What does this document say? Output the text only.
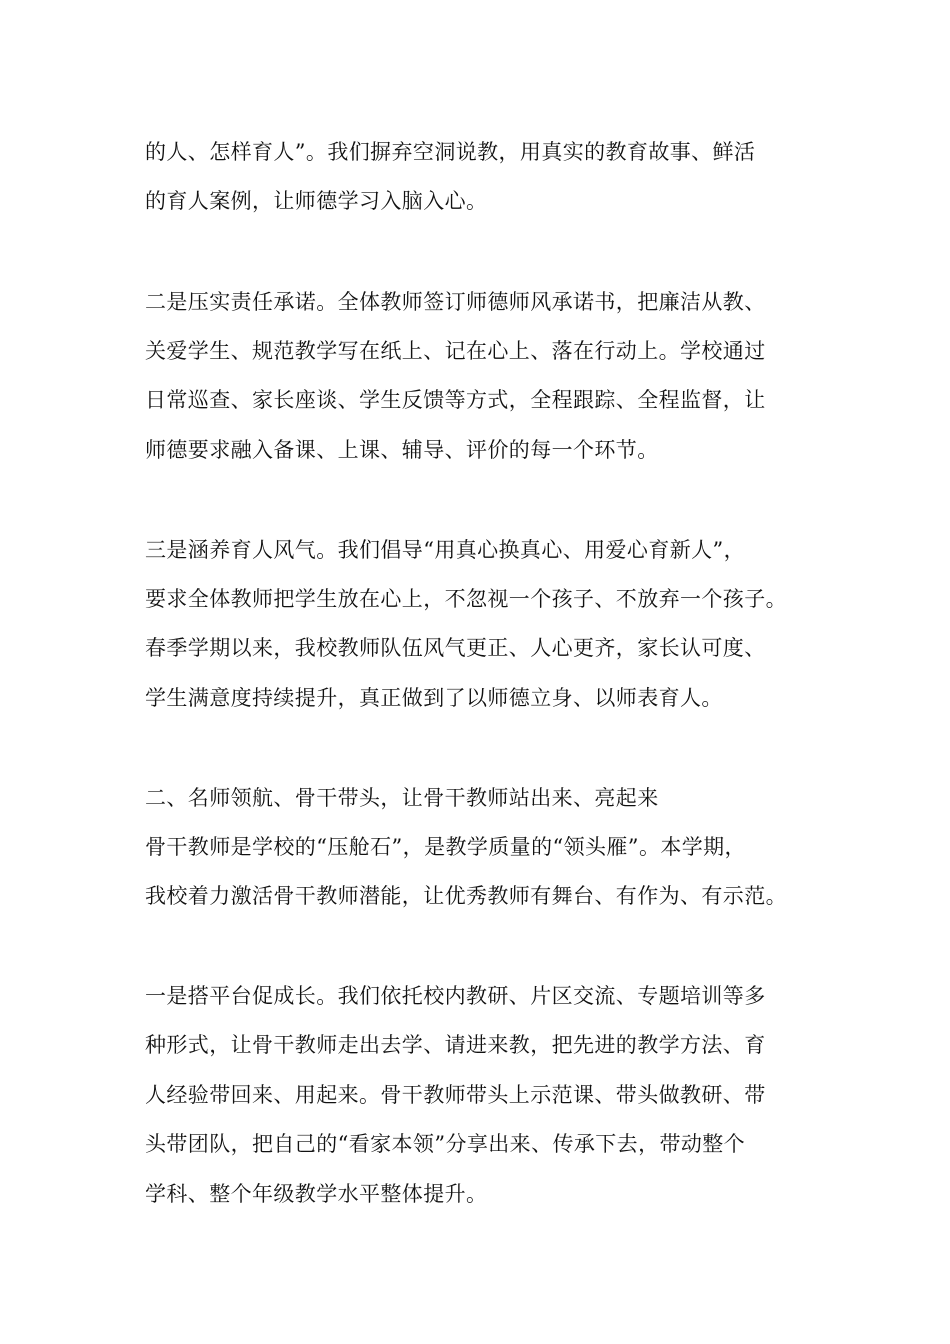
的人、怎样育人”。我们摒弃空洞说教，用真实的教育故事、鲜活
的育人案例，让师德学习入脑入心。
二是压实责任承诺。全体教师签订师德师风承诺书，把廉洁从教、
关爱学生、规范教学写在纸上、记在心上、落在行动上。学校通过
日常巡查、家长座谈、学生反馈等方式，全程跟踪、全程监督，让
师德要求融入备课、上课、辅导、评价的每一个环节。
三是涵养育人风气。我们倡导“用真心换真心、用爱心育新人”，
要求全体教师把学生放在心上，不忽视一个孩子、不放弃一个孩子。
春季学期以来，我校教师队伍风气更正、人心更齐，家长认可度、
学生满意度持续提升，真正做到了以师德立身、以师表育人。
二、名师领航、骨干带头，让骨干教师站出来、亮起来
骨干教师是学校的“压舱石”，是教学质量的“领头雁”。本学期，
我校着力激活骨干教师潜能，让优秀教师有舞台、有作为、有示范。
一是搭平台促成长。我们依托校内教研、片区交流、专题培训等多
种形式，让骨干教师走出去学、请进来教，把先进的教学方法、育
人经验带回来、用起来。骨干教师带头上示范课、带头做教研、带
头带团队，把自己的“看家本领”分享出来、传承下去，带动整个
学科、整个年级教学水平整体提升。
